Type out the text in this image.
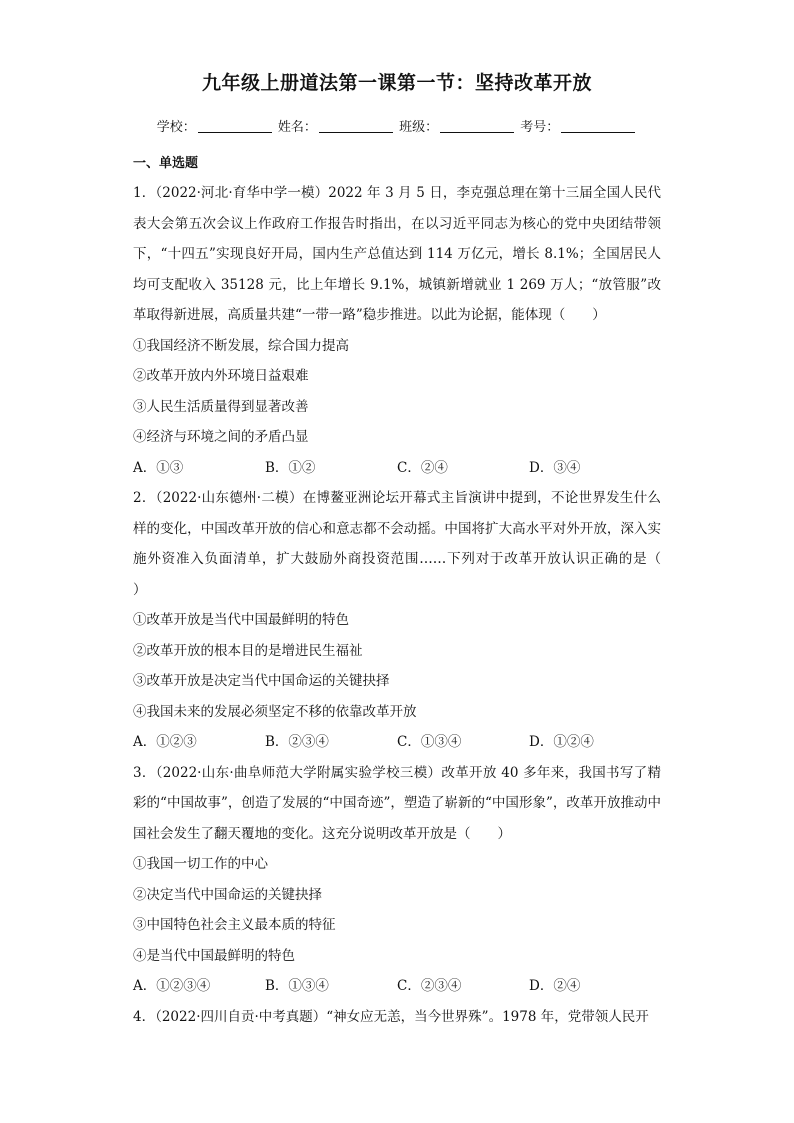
九年级上册道法第一课第一节：坚持改革开放
学校：	姓名：	班级：	考号：
一、单选题

1．（2022·河北·育华中学一模）2022 年 3 月 5 日，李克强总理在第十三届全国人民代表大会第五次会议上作政府工作报告时指出，在以习近平同志为核心的党中央团结带领下，“十四五”实现良好开局，国内生产总值达到 114 万亿元，增长 8.1%；全国居民人均可支配收入 35128 元，比上年增长 9.1%，城镇新增就业 1 269 万人；“放管服”改革取得新进展，高质量共建“一带一路”稳步推进。以此为论据，能体现（　　）

①我国经济不断发展，综合国力提高

②改革开放内外环境日益艰难

③人民生活质量得到显著改善

④经济与环境之间的矛盾凸显

A．①③	B．①②	C．②④	D．③④

2．（2022·山东德州·二模）在博鳌亚洲论坛开幕式主旨演讲中提到，不论世界发生什么样的变化，中国改革开放的信心和意志都不会动摇。中国将扩大高水平对外开放，深入实施外资准入负面清单，扩大鼓励外商投资范围……下列对于改革开放认识正确的是（　　）

①改革开放是当代中国最鲜明的特色

②改革开放的根本目的是增进民生福祉

③改革开放是决定当代中国命运的关键抉择

④我国未来的发展必须坚定不移的依靠改革开放

A．①②③	B．②③④	C．①③④	D．①②④

3．（2022·山东·曲阜师范大学附属实验学校三模）改革开放 40 多年来，我国书写了精彩的“中国故事”，创造了发展的“中国奇迹”，塑造了崭新的“中国形象”，改革开放推动中国社会发生了翻天覆地的变化。这充分说明改革开放是（　　）

①我国一切工作的中心

②决定当代中国命运的关键抉择

③中国特色社会主义最本质的特征

④是当代中国最鲜明的特色

A．①②③④	B．①③④	C．②③④	D．②④

4．（2022·四川自贡·中考真题）“神女应无恙，当今世界殊”。1978 年，党带领人民开
